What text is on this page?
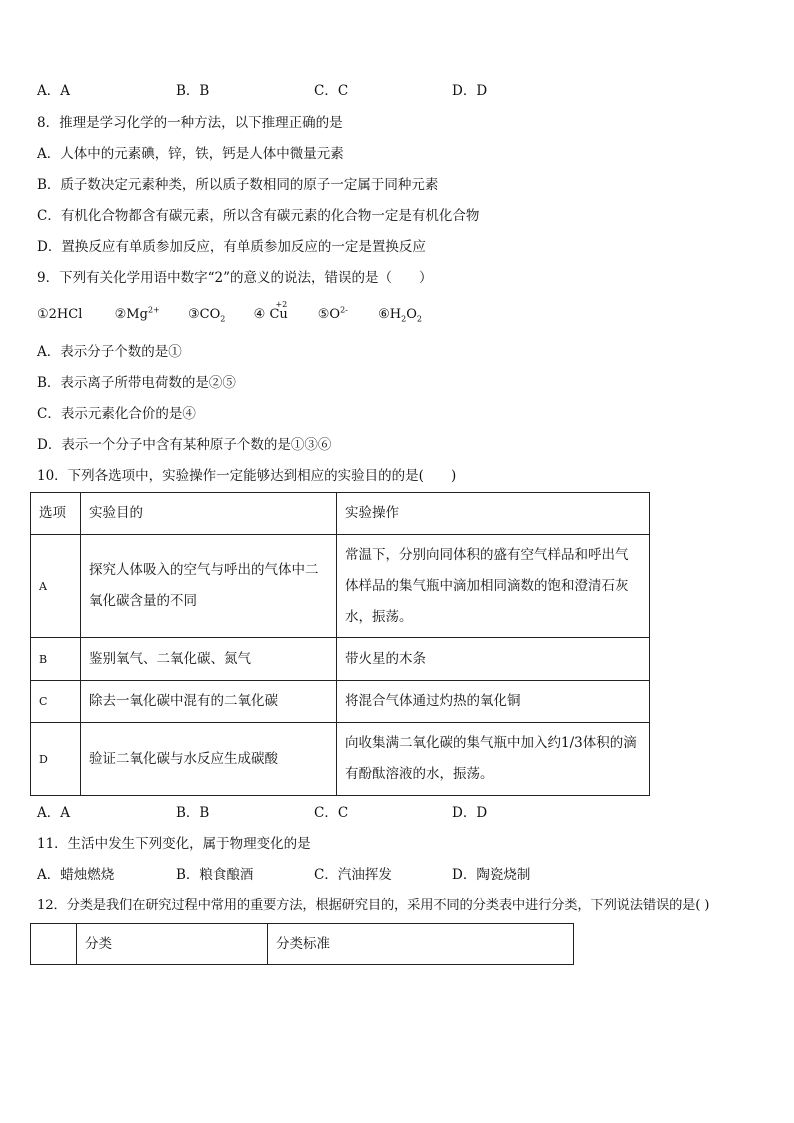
A．A	B．B	C．C	D．D
8．推理是学习化学的一种方法，以下推理正确的是
A．人体中的元素碘，锌，铁，钙是人体中微量元素
B．质子数决定元素种类，所以质子数相同的原子一定属于同种元素
C．有机化合物都含有碳元素，所以含有碳元素的化合物一定是有机化合物
D．置换反应有单质参加反应，有单质参加反应的一定是置换反应
9．下列有关化学用语中数字“2”的意义的说法，错误的是（　　）
①2HCl $②Mg^{2+}$ $③CO_2$ ④
+2
Cu $⑤O^{2-}$ $⑥H_2O_2$
A．表示分子个数的是①
B．表示离子所带电荷数的是②⑤
C．表示元素化合价的是④
D．表示一个分子中含有某种原子个数的是①③⑥
10．下列各选项中，实验操作一定能够达到相应的实验目的的是(　　)
选项	实验目的	实验操作
A	探究人体吸入的空气与呼出的气体中二氧化碳含量的不同	常温下，分别向同体积的盛有空气样品和呼出气体样品的集气瓶中滴加相同滴数的饱和澄清石灰水，振荡。
B	鉴别氧气、二氧化碳、氮气	带火星的木条
C	除去一氧化碳中混有的二氧化碳	将混合气体通过灼热的氧化铜
D	验证二氧化碳与水反应生成碳酸	向收集满二氧化碳的集气瓶中加入约1/3体积的滴有酚酞溶液的水，振荡。
A．A	B．B	C．C	D．D
11．生活中发生下列变化，属于物理变化的是
A．蜡烛燃烧	B．粮食酿酒	C．汽油挥发	D．陶瓷烧制
12．分类是我们在研究过程中常用的重要方法，根据研究目的，采用不同的分类表中进行分类，下列说法错误的是( )
	分类	分类标准
